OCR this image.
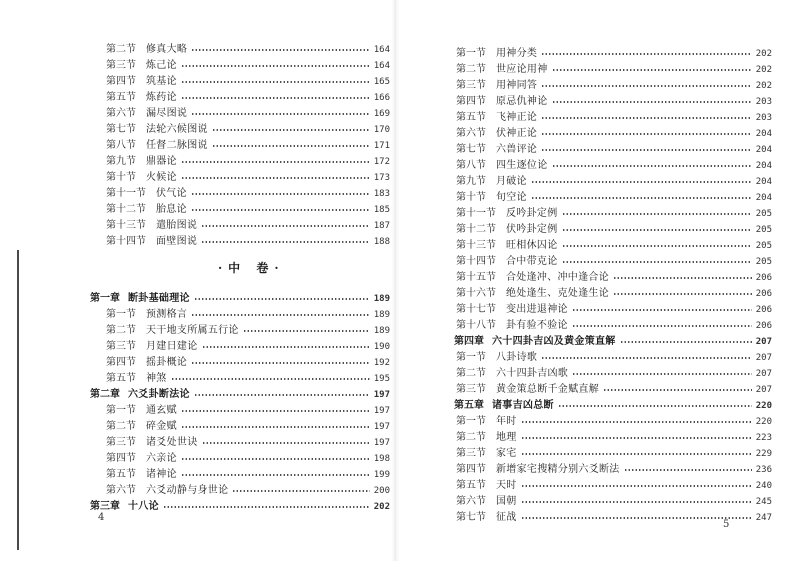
第二节 修真大略	164
第三节 炼己论	164
第四节 筑基论	165
第五节 炼药论	166
第六节 漏尽图说	169
第七节 法轮六候图说	170
第八节 任督二脉图说	171
第九节 鼎器论	172
第十节 火候论	173
第十一节 伏气论	183
第十二节 胎息论	185
第十三节 遣胎图说	187
第十四节 面壁图说	188
·中 卷·
第一章 断卦基础理论	189
第一节 预测格言	189
第二节 天干地支所属五行论	189
第三节 月建日建论	190
第四节 摇卦概论	192
第五节 神煞	195
第二章 六爻卦断法论	197
第一节 通玄赋	197
第二节 碎金赋	197
第三节 诸爻处世诀	197
第四节 六亲论	198
第五节 诸神论	199
第六节 六爻动静与身世论	200
第三章 十八论	202
4
第一节 用神分类	202
第二节 世应论用神	202
第三节 用神同答	202
第四节 原忌仇神论	203
第五节 飞神正论	203
第六节 伏神正论	204
第七节 六兽评论	204
第八节 四生逐位论	204
第九节 月破论	204
第十节 旬空论	204
第十一节 反吟卦定例	205
第十二节 伏吟卦定例	205
第十三节 旺相休囚论	205
第十四节 合中带克论	205
第十五节 合处逢冲、冲中逢合论	206
第十六节 绝处逢生、克处逢生论	206
第十七节 变出进退神论	206
第十八节 卦有验不验论	206
第四章 六十四卦吉凶及黄金策直解	207
第一节 八卦诗歌	207
第二节 六十四卦吉凶歌	207
第三节 黄金策总断千金赋直解	207
第五章 诸事吉凶总断	220
第一节 年时	220
第二节 地理	223
第三节 家宅	229
第四节 新增家宅搜精分别六爻断法	236
第五节 天时	240
第六节 国朝	245
第七节 征战	247
5
